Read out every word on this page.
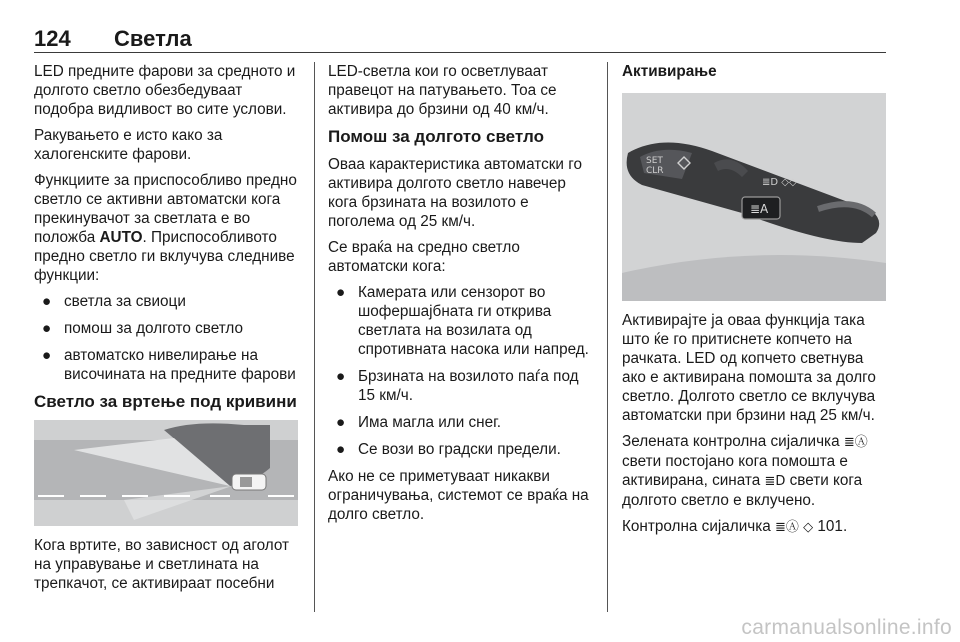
124 Светла

LED предните фарови за средното и долгото светло обезбедуваат подобра видливост во сите услови.

Ракувањето е исто како за халогенските фарови.

Функциите за приспособливо предно светло се активни автоматски кога прекинувачот за светлата е во положба AUTO. Приспособливото предно светло ги вклучува следниве функции:

● светла за свиоци
● помош за долгото светло
● автоматско нивелирање на височината на предните фарови
Светло за вртење под кривини

Кога вртите, во зависност од аголот на управување и светлината на трепкачот, се активираат посебни

LED-светла кои го осветлуваат правецот на патувањето. Тоа се активира до брзини од 40 км/ч.

Помош за долгото светло

Оваа карактеристика автоматски го активира долгото светло навечер кога брзината на возилото е поголема од 25 км/ч.

Се враќа на средно светло автоматски кога:

● Камерата или сензорот во шофершајбната ги открива светлата на возилата од спротивната насока или напред.
● Брзината на возилото паѓа под 15 км/ч.
● Има магла или снег.
● Се вози во градски предели.

Ако не се приметуваат никакви ограничувања, системот се враќа на долго светло.

Активирање
SET
CLR
≣A
≣D ◇◇

Активирајте ја оваа функција така што ќе го притиснете копчето на рачката. LED од копчето светнува ако е активирана помошта за долго светло. Долгото светло се вклучува автоматски при брзини над 25 км/ч.

Зелената контролна сијаличка ≣Ⓐ свети постојано кога помошта е активирана, сината ≣D свети кога долгото светло е вклучено.

Контролна сијаличка ≣Ⓐ ◇ 101.

carmanualsonline.info
